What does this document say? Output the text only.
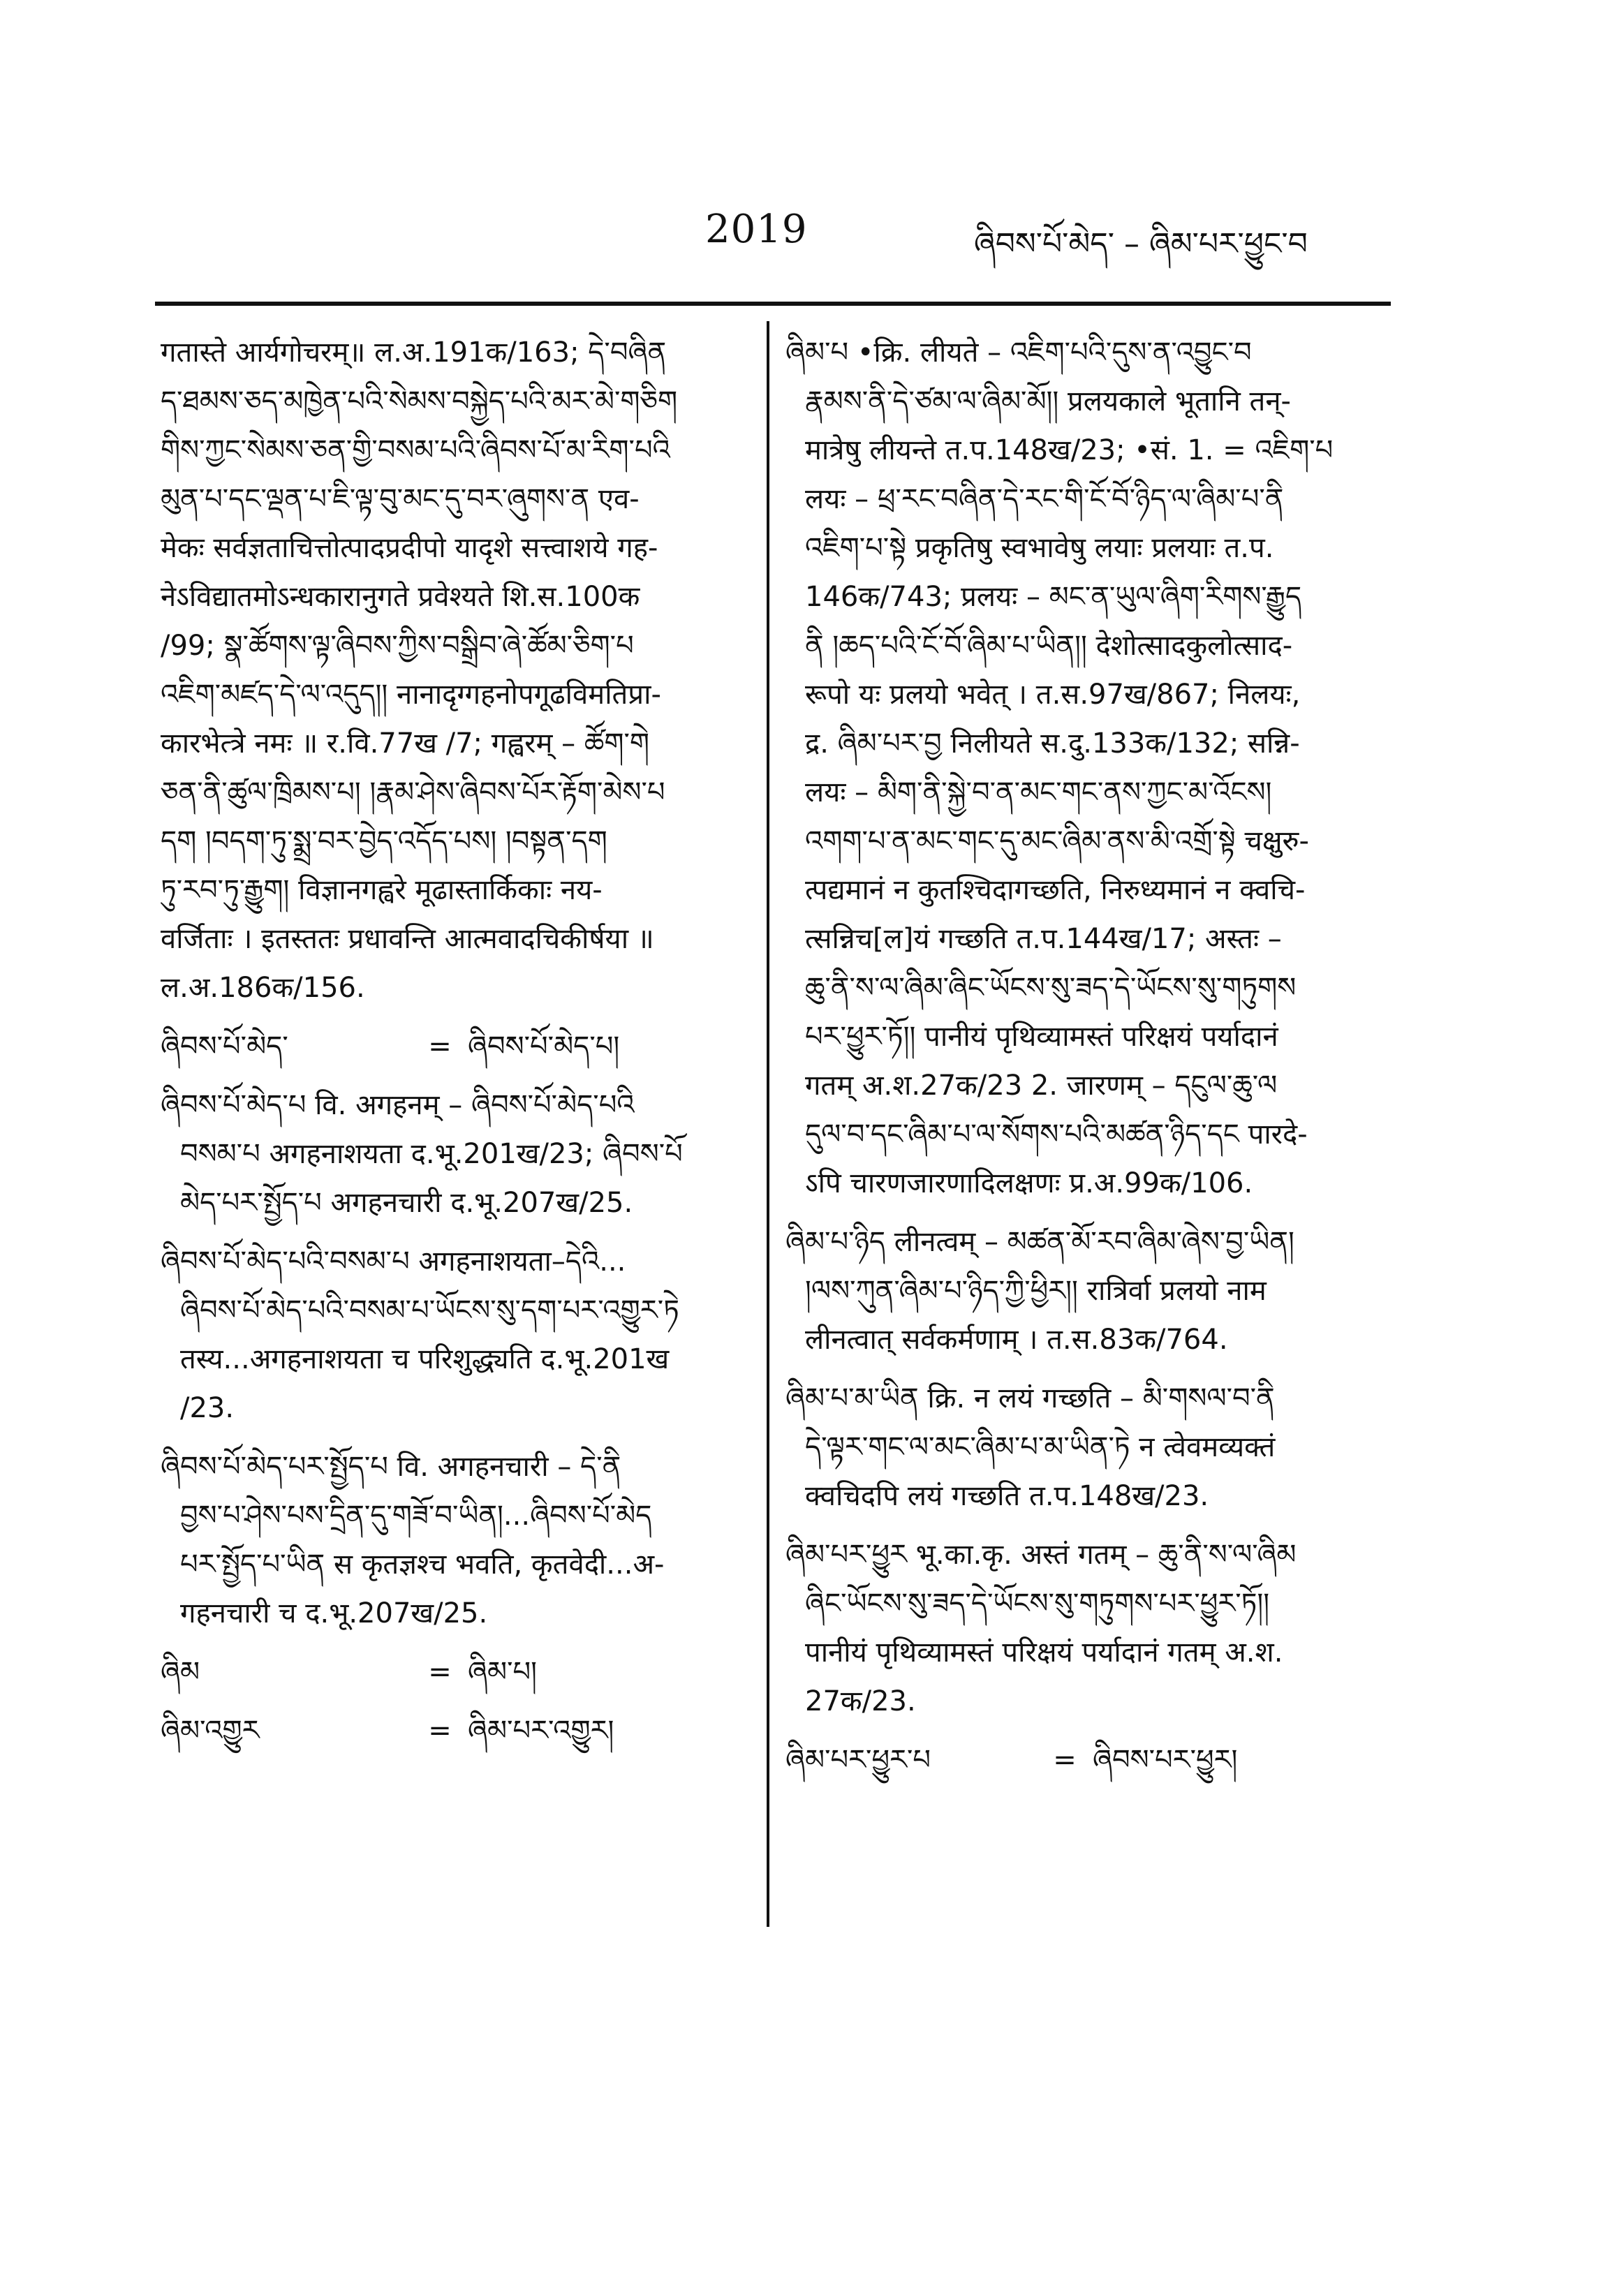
2019	ཞིབས་པོ་མེད་ – ཞིམ་པར་ཕྱུང་བ
गतास्ते आर्यगोचरम्॥ ल.अ.191क/163; དེ་བཞིན
ད་ཐམས་ཅད་མཁྱེན་པའི་སེམས་བསྐྱེད་པའི་མར་མེ་གཅིག
གིས་ཀྱང་སེམས་ཅན་གྱི་བསམ་པའི་ཞིབས་པོ་མ་རིག་པའི
མུན་པ་དང་ལྡན་པ་ཇི་ལྟ་བུ་མང་དུ་བར་ཞུགས་ན एव-
मेकः सर्वज्ञताचित्तोत्पादप्रदीपो यादृशे सत्त्वाशये गह-
नेऽविद्यातमोऽन्धकारानुगते प्रवेश्यते शि.स.100क
/99; སྣ་ཚོགས་ལྟ་ཞིབས་ཀྱིས་བསྒྲིབ་ཞེ་ཚོམ་ཅིག་པ
འཇིག་མཛད་དེ་ལ་འདུད།། नानादृग्गहनोपगूढविमतिप्रा-
कारभेत्त्रे नमः ॥ र.वि.77ख /7; गह्वरम् – ཚོག་གེ
ཅན་ནི་ཚུལ་ཁྲིམས་པ། །རྣམ་ཤེས་ཞིབས་པོར་རྟོག་མེས་པ
དག །བདག་ཏུ་སྨྲ་བར་བྱེད་འདོད་པས། །བསྟན་དག
ཏུ་རབ་ཏུ་རྒྱུག། विज्ञानगह्वरे मूढास्तार्किकाः नय-
वर्जिताः । इतस्ततः प्रधावन्ति आत्मवादचिकीर्षया ॥
ल.अ.186क/156.
ཞིབས་པོ་མེད་	= ཞིབས་པོ་མེད་པ།
ཞིབས་པོ་མེད་པ वि. अगहनम् – ཞིབས་པོ་མེད་པའི
བསམ་པ अगहनाशयता द.भू.201ख/23; ཞིབས་པོ
མེད་པར་སྤྱོད་པ अगहनचारी द.भू.207ख/25.
ཞིབས་པོ་མེད་པའི་བསམ་པ अगहनाशयता–དེའི...
ཞིབས་པོ་མེད་པའི་བསམ་པ་ཡོངས་སུ་དག་པར་འགྱུར་ཏེ
तस्य...अगहनाशयता च परिशुद्ध्यति द.भू.201ख
/23.
ཞིབས་པོ་མེད་པར་སྤྱོད་པ वि. अगहनचारी – དེ་ནི
བྱས་པ་ཤེས་པས་དྲིན་དུ་གཟོ་བ་ཡིན།...ཞིབས་པོ་མེད
པར་སྤྱོད་པ་ཡིན स कृतज्ञश्च भवति, कृतवेदी...अ-
गहनचारी च द.भू.207ख/25.
ཞིམ	= ཞིམ་པ།
ཞིམ་འགྱུར	= ཞིམ་པར་འགྱུར།
ཞིམ་པ •क्रि. लीयते – འཇིག་པའི་དུས་ན་འབྱུང་བ
རྣམས་ནི་དེ་ཙམ་ལ་ཞིམ་མོ།། प्रलयकाले भूतानि तन्-
मात्रेषु लीयन्ते त.प.148ख/23; •सं. 1. = འཇིག་པ
लयः – ཕྲ་རང་བཞིན་དེ་རང་གི་ངོ་བོ་ཉིད་ལ་ཞིམ་པ་ནི
འཇིག་པ་སྟེ प्रकृतिषु स्वभावेषु लयाः प्रलयाः त.प.
146क/743; प्रलयः – མང་ན་ཡུལ་ཞིག་རིགས་རྒྱུད
ནི །ཆད་པའི་ངོ་བོ་ཞིམ་པ་ཡིན།། देशोत्सादकुलोत्साद-
रूपो यः प्रलयो भवेत् । त.स.97ख/867; निलयः,
द्र. ཞིམ་པར་བྱ निलीयते स.दु.133क/132; सन्नि-
लयः – མིག་ནི་སྐྱེ་བ་ན་མང་གང་ནས་ཀྱང་མ་འོངས།
འགག་པ་ན་མང་གང་དུ་མང་ཞིམ་ནས་མི་འགྲོ་སྟེ चक्षुरु-
त्पद्यमानं न कुतश्चिदागच्छति, निरुध्यमानं न क्वचि-
त्सन्निच[ल]यं गच्छति त.प.144ख/17; अस्तः –
ཆུ་ནི་ས་ལ་ཞིམ་ཞིང་ཡོངས་སུ་ཟད་དེ་ཡོངས་སུ་གཏུགས
པར་ཕྱུར་ཏོ།། पानीयं पृथिव्यामस्तं परिक्षयं पर्यादानं
गतम् अ.श.27क/23 2. जारणम् – དངུལ་ཆུ་ལ
དུལ་བ་དང་ཞིམ་པ་ལ་སོགས་པའི་མཚན་ཉིད་དང पारदे-
ऽपि चारणजारणादिलक्षणः प्र.अ.99क/106.
ཞིམ་པ་ཉིད लीनत्वम् – མཚན་མོ་རབ་ཞིམ་ཞེས་བྱ་ཡིན།
།ལས་ཀུན་ཞིམ་པ་ཉིད་ཀྱི་ཕྱིར།། रात्रिर्वा प्रलयो नाम
लीनत्वात् सर्वकर्मणाम् । त.स.83क/764.
ཞིམ་པ་མ་ཡིན क्रि. न लयं गच्छति – མི་གསལ་བ་ནི
དེ་ལྟར་གང་ལ་མང་ཞིམ་པ་མ་ཡིན་ཏེ न त्वेवमव्यक्तं
क्वचिदपि लयं गच्छति त.प.148ख/23.
ཞིམ་པར་ཕྱུར भू.का.कृ. अस्तं गतम् – ཆུ་ནི་ས་ལ་ཞིམ
ཞིང་ཡོངས་སུ་ཟད་དེ་ཡོངས་སུ་གཏུགས་པར་ཕྱུར་ཏོ།།
पानीयं पृथिव्यामस्तं परिक्षयं पर्यादानं गतम् अ.श.
27क/23.
ཞིམ་པར་ཕྱུར་པ	= ཞིབས་པར་ཕྱུར།
